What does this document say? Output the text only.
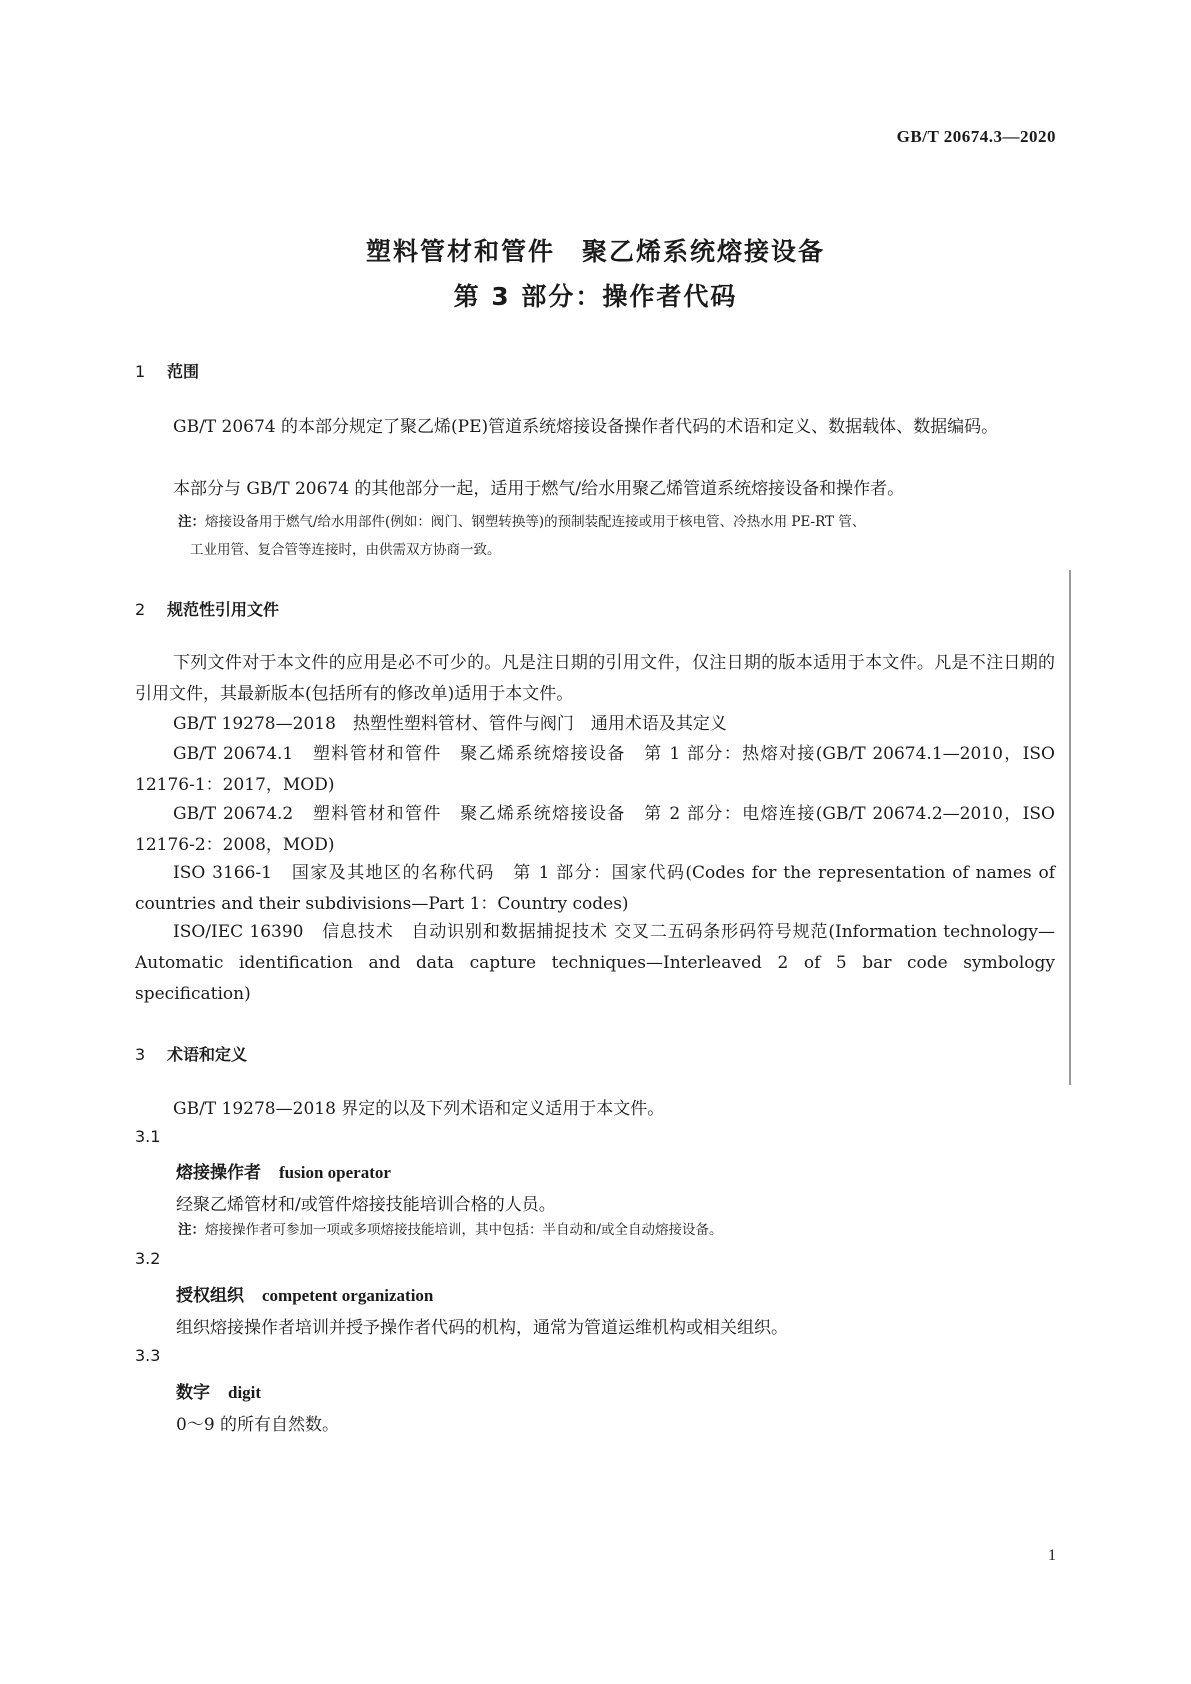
GB/T 20674.3—2020
塑料管材和管件　聚乙烯系统熔接设备
第 3 部分：操作者代码
1 范围
GB/T 20674 的本部分规定了聚乙烯(PE)管道系统熔接设备操作者代码的术语和定义、数据载体、数据编码。
本部分与 GB/T 20674 的其他部分一起，适用于燃气/给水用聚乙烯管道系统熔接设备和操作者。
注：熔接设备用于燃气/给水用部件(例如：阀门、钢塑转换等)的预制装配连接或用于核电管、冷热水用 PE-RT 管、
工业用管、复合管等连接时，由供需双方协商一致。
2 规范性引用文件
下列文件对于本文件的应用是必不可少的。凡是注日期的引用文件，仅注日期的版本适用于本文件。凡是不注日期的引用文件，其最新版本(包括所有的修改单)适用于本文件。
GB/T 19278—2018　热塑性塑料管材、管件与阀门　通用术语及其定义
GB/T 20674.1　塑料管材和管件　聚乙烯系统熔接设备　第 1 部分：热熔对接(GB/T 20674.1—2010，ISO 12176-1：2017，MOD)
GB/T 20674.2　塑料管材和管件　聚乙烯系统熔接设备　第 2 部分：电熔连接(GB/T 20674.2—2010，ISO 12176-2：2008，MOD)
ISO 3166-1　国家及其地区的名称代码　第 1 部分：国家代码(Codes for the representation of names of countries and their subdivisions—Part 1：Country codes)
ISO/IEC 16390　信息技术　自动识别和数据捕捉技术 交叉二五码条形码符号规范(Information technology—Automatic identification and data capture techniques—Interleaved 2 of 5 bar code symbology specification)
3 术语和定义
GB/T 19278—2018 界定的以及下列术语和定义适用于本文件。
3.1
熔接操作者 fusion operator
经聚乙烯管材和/或管件熔接技能培训合格的人员。
注：熔接操作者可参加一项或多项熔接技能培训，其中包括：半自动和/或全自动熔接设备。
3.2
授权组织 competent organization
组织熔接操作者培训并授予操作者代码的机构，通常为管道运维机构或相关组织。
3.3
数字 digit
0～9 的所有自然数。
1
